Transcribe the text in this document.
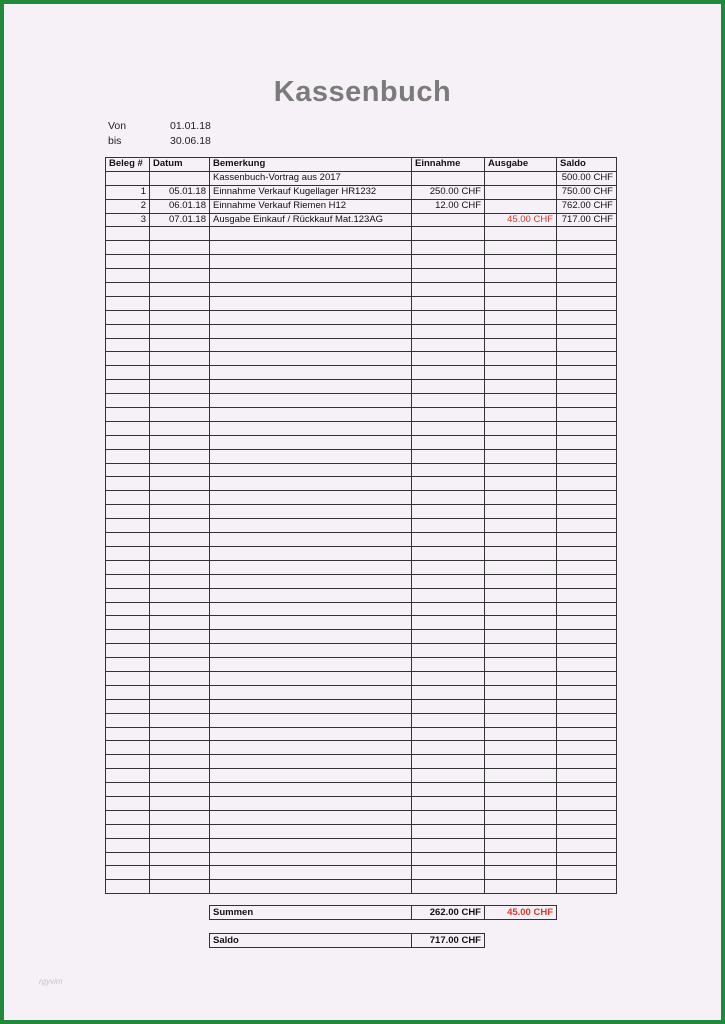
Kassenbuch
Von	01.01.18
bis	30.06.18
Beleg #	Datum	Bemerkung	Einnahme	Ausgabe	Saldo
		Kassenbuch-Vortrag aus 2017			500.00 CHF
1	05.01.18	Einnahme Verkauf Kugellager HR1232	250.00 CHF		750.00 CHF
2	06.01.18	Einnahme Verkauf Riemen H12	12.00 CHF		762.00 CHF
3	07.01.18	Ausgabe Einkauf / Rückkauf Mat.123AG		45.00 CHF	717.00 CHF

Summen	262.00 CHF	45.00 CHF
Saldo	717.00 CHF
rgyvim
